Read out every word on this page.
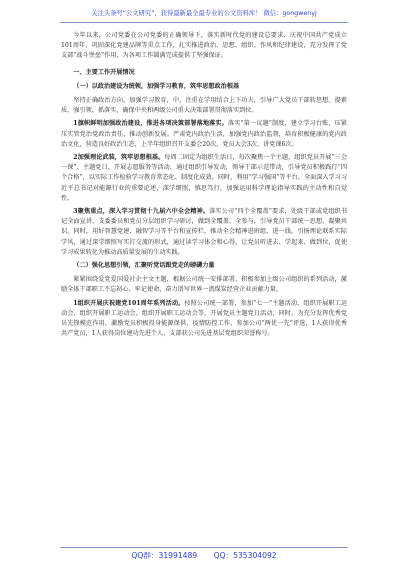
关注头条号“公文研究”，获得最新最全最专业的公文资料库！ 微信：gongwenyj

今年以来，公司党委在公司党委的正确领导下，落实新时代党的建设总要求、庆祝中国共产党成立101周年，巩固深化党建品牌等重点工作，扎实推进政治、思想、组织、作风和纪律建设，充分发挥了党支部“战斗堡垒”作用，为各项工作圆满完成提供了坚强保证。

一、主要工作开展情况

（一）以政治建设为统领，加强学习教育，筑牢思想政治根基

坚持正确政治方向，加强学习教育，中，注重在学用结合上下功夫，引导广大党员干部转思想、提素质、强引领、抓落实，确保中央和两级公司重大决策部署贯彻落实到位。

1旗帜鲜明加强政治建设，推进各项决策部署落地落实。落实“第一议题”制度，建立学习台账，压紧压实管党治党政治责任，推动创新发展。严肃党内政治生活，加强党内政治监督，培育积极健康的党内政治文化，营造良好政治生态，上半年组织召开支委会20次、党员大会3次、讲党课6次。

2加强理论武装，筑牢思想根基。每周二固定为组织生活日，每次聚焦一个主题，组织党员开展“三会一课”、主题党日、开展志愿服务等活动，通过组织引导发动，领导干部示范带动，引导党员积极践行“四个合格”，以实际工作检验学习教育常态化、制度化成效。同时，利用“学习强国”等平台，全面深入学习习近平总书记对能源行业的重要论述，深学细照，慎思笃行，加强运用科学理论指导实践的主动性和自觉性。

3聚焦重点，深入学习贯彻十九届六中全会精神。落实公司“四个全覆盖”要求，处级干部或党组织书记全面宣讲、支委委员和党员分层组织学习研讨，做到全覆盖、全参与，引导党员干部统一思想、凝聚共识。同时，用好智慧党建、融智学习等平台和宣传栏，推动全会精神进班组、进一线。引扬理论联系实际学风，通过深学细照写实打交流的形式，通过读学习体会和心得，让党员听进去、学起来、做到位，促使学习成果转化为推动高质量发展的生动实践。

（二）强化思想引领，汇聚听党话跟党走的磅礴力量

紧紧围绕爱党爱国爱社企主文主题，根据公司统一安排部署，积极参加上级公司组织的系列活动，激励全体干部职工不忘初心、牢记使命，奋力谱写世界一流煤炭经营企业贡献力量。

1组织开展庆祝建党101周年系列活动。按照公司统一部署，参加“七一”主题活动，组织开展职工运动会、组织开展职工运动会、组织开展职工运动会等，开展党员主题党日活动，同时，为充分发挥优秀党员先锋模范作用，激励党员积极投身能源保供、疫情防控工作，参加公司“两优一先”评选，1人获得优秀共产党员，1人获得岗位建功先进个人，支部获公司先进基层党组织荣誉称号。

QQ群：31991489 QQ：535304092
